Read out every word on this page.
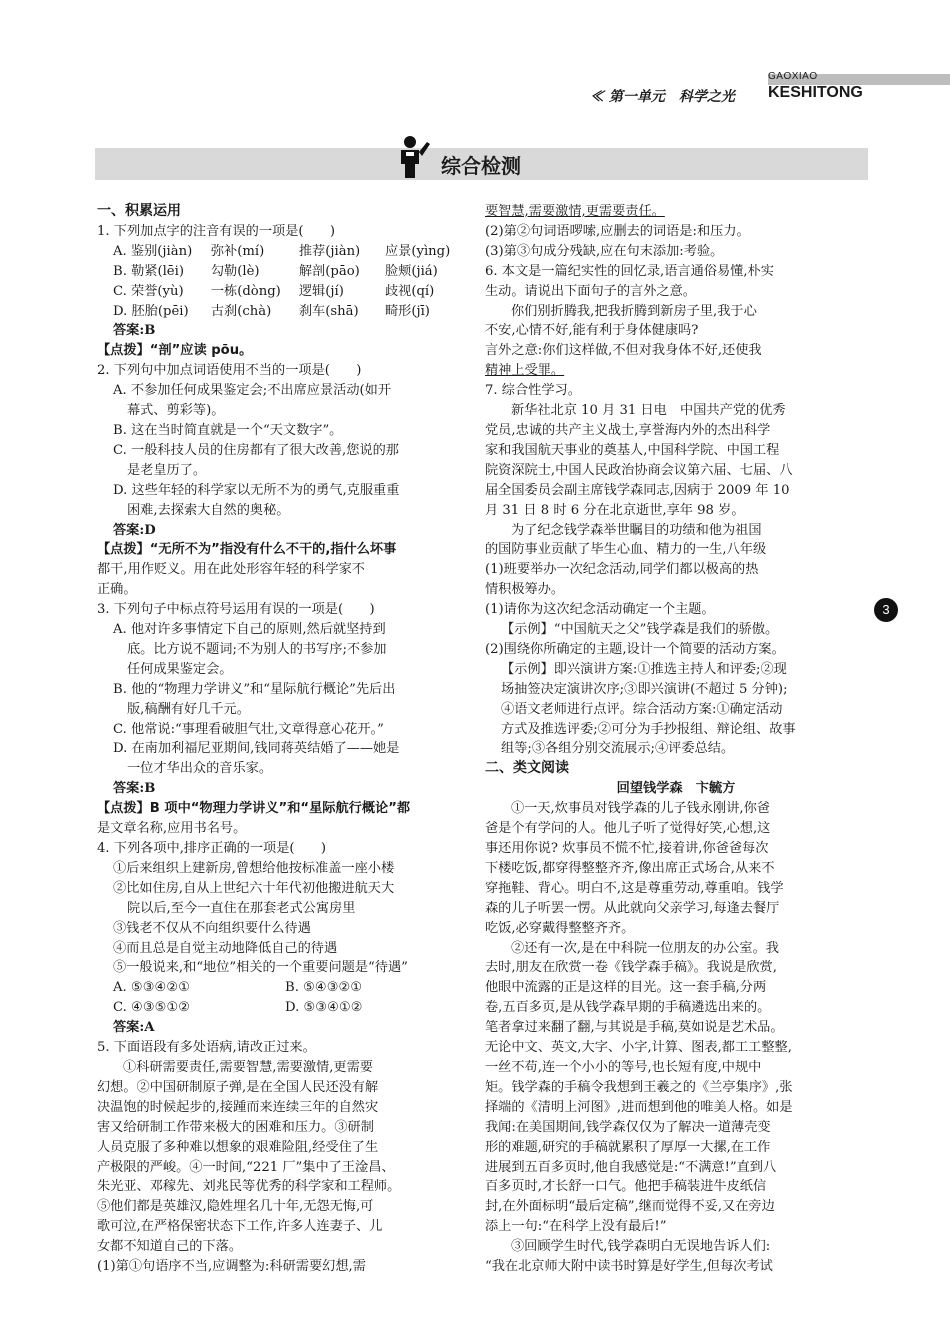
GAOXIAO
≪ 第一单元　科学之光 KESHITONG
综合检测

一、积累运用

1. 下列加点字的注音有误的一项是(　　)

A. 鉴别(jiàn)	弥补(mí)	推荐(jiàn)	应景(yìng)

B. 勒紧(lēi)	勾勒(lè)	解剖(pāo)	脸颊(jiá)

C. 荣誉(yù)	一栋(dòng)	逻辑(jí)	歧视(qí)

D. 胚胎(pēi)	古刹(chà)	刹车(shā)	畸形(jī)

答案:B

【点拨】“剖”应读 pōu。

2. 下列句中加点词语使用不当的一项是(　　)

A. 不参加任何成果鉴定会;不出席应景活动(如开

幕式、剪彩等)。

B. 这在当时简直就是一个“天文数字”。

C. 一般科技人员的住房都有了很大改善,您说的那

是老皇历了。

D. 这些年轻的科学家以无所不为的勇气,克服重重

困难,去探索大自然的奥秘。

答案:D

【点拨】“无所不为”指没有什么不干的,指什么坏事

都干,用作贬义。用在此处形容年轻的科学家不

正确。

3. 下列句子中标点符号运用有误的一项是(　　)

A. 他对许多事情定下自己的原则,然后就坚持到

底。比方说不题词;不为别人的书写序;不参加

任何成果鉴定会。

B. 他的“物理力学讲义”和“星际航行概论”先后出

版,稿酬有好几千元。

C. 他常说:“事理看破胆气壮,文章得意心花开。”

D. 在南加利福尼亚期间,钱同蒋英结婚了——她是

一位才华出众的音乐家。

答案:B

【点拨】B 项中“物理力学讲义”和“星际航行概论”都

是文章名称,应用书名号。

4. 下列各项中,排序正确的一项是(　　)

①后来组织上建新房,曾想给他按标准盖一座小楼

②比如住房,自从上世纪六十年代初他搬进航天大

院以后,至今一直住在那套老式公寓房里

③钱老不仅从不向组织要什么待遇

④而且总是自觉主动地降低自己的待遇

⑤一般说来,和“地位”相关的一个重要问题是“待遇”

A. ⑤③④②①	B. ⑤④③②①

C. ④③⑤①②	D. ⑤③④①②

答案:A

5. 下面语段有多处语病,请改正过来。

①科研需要责任,需要智慧,需要激情,更需要

幻想。②中国研制原子弹,是在全国人民还没有解

决温饱的时候起步的,接踵而来连续三年的自然灾

害又给研制工作带来极大的困难和压力。③研制

人员克服了多种难以想象的艰难险阻,经受住了生

产极限的严峻。④一时间,“221 厂”集中了王淦昌、

朱光亚、邓稼先、刘兆民等优秀的科学家和工程师。

⑤他们都是英雄汉,隐姓埋名几十年,无怨无悔,可

歌可泣,在严格保密状态下工作,许多人连妻子、儿

女都不知道自己的下落。

(1)第①句语序不当,应调整为:科研需要幻想,需

要智慧,需要激情,更需要责任。

(2)第②句词语啰嗦,应删去的词语是:和压力。

(3)第③句成分残缺,应在句末添加:考验。

6. 本文是一篇纪实性的回忆录,语言通俗易懂,朴实

生动。请说出下面句子的言外之意。

你们别折腾我,把我折腾到新房子里,我于心

不安,心情不好,能有利于身体健康吗?

言外之意:你们这样做,不但对我身体不好,还使我

精神上受罪。

7. 综合性学习。

新华社北京 10 月 31 日电　中国共产党的优秀

党员,忠诚的共产主义战士,享誉海内外的杰出科学

家和我国航天事业的奠基人,中国科学院、中国工程

院资深院士,中国人民政治协商会议第六届、七届、八

届全国委员会副主席钱学森同志,因病于 2009 年 10

月 31 日 8 时 6 分在北京逝世,享年 98 岁。

为了纪念钱学森举世瞩目的功绩和他为祖国

的国防事业贡献了毕生心血、精力的一生,八年级

(1)班要举办一次纪念活动,同学们都以极高的热

情积极筹办。

(1)请你为这次纪念活动确定一个主题。

【示例】“中国航天之父”钱学森是我们的骄傲。

(2)围绕你所确定的主题,设计一个简要的活动方案。

【示例】即兴演讲方案:①推选主持人和评委;②现

场抽签决定演讲次序;③即兴演讲(不超过 5 分钟);

④语文老师进行点评。综合活动方案:①确定活动

方式及推选评委;②可分为手抄报组、辩论组、故事

组等;③各组分别交流展示;④评委总结。

二、类文阅读

回望钱学森　卞毓方

①一天,炊事员对钱学森的儿子钱永刚讲,你爸

爸是个有学问的人。他儿子听了觉得好笑,心想,这

事还用你说? 炊事员不慌不忙,接着讲,你爸爸每次

下楼吃饭,都穿得整整齐齐,像出席正式场合,从来不

穿拖鞋、背心。明白不,这是尊重劳动,尊重咱。钱学

森的儿子听罢一愣。从此就向父亲学习,每逢去餐厅

吃饭,必穿戴得整整齐齐。

②还有一次,是在中科院一位朋友的办公室。我

去时,朋友在欣赏一卷《钱学森手稿》。我说是欣赏,

他眼中流露的正是这样的目光。这一套手稿,分两

卷,五百多页,是从钱学森早期的手稿遴选出来的。

笔者拿过来翻了翻,与其说是手稿,莫如说是艺术品。

无论中文、英文,大字、小字,计算、图表,都工工整整,

一丝不苟,连一个小小的等号,也长短有度,中规中

矩。钱学森的手稿令我想到王羲之的《兰亭集序》,张

择端的《清明上河图》,进而想到他的唯美人格。如是

我闻:在美国期间,钱学森仅仅为了解决一道薄壳变

形的难题,研究的手稿就累积了厚厚一大摞,在工作

进展到五百多页时,他自我感觉是:“不满意!”直到八

百多页时,才长舒一口气。他把手稿装进牛皮纸信

封,在外面标明“最后定稿”,继而觉得不妥,又在旁边

添上一句:“在科学上没有最后!”

③回顾学生时代,钱学森明白无误地告诉人们:

“我在北京师大附中读书时算是好学生,但每次考试

3
